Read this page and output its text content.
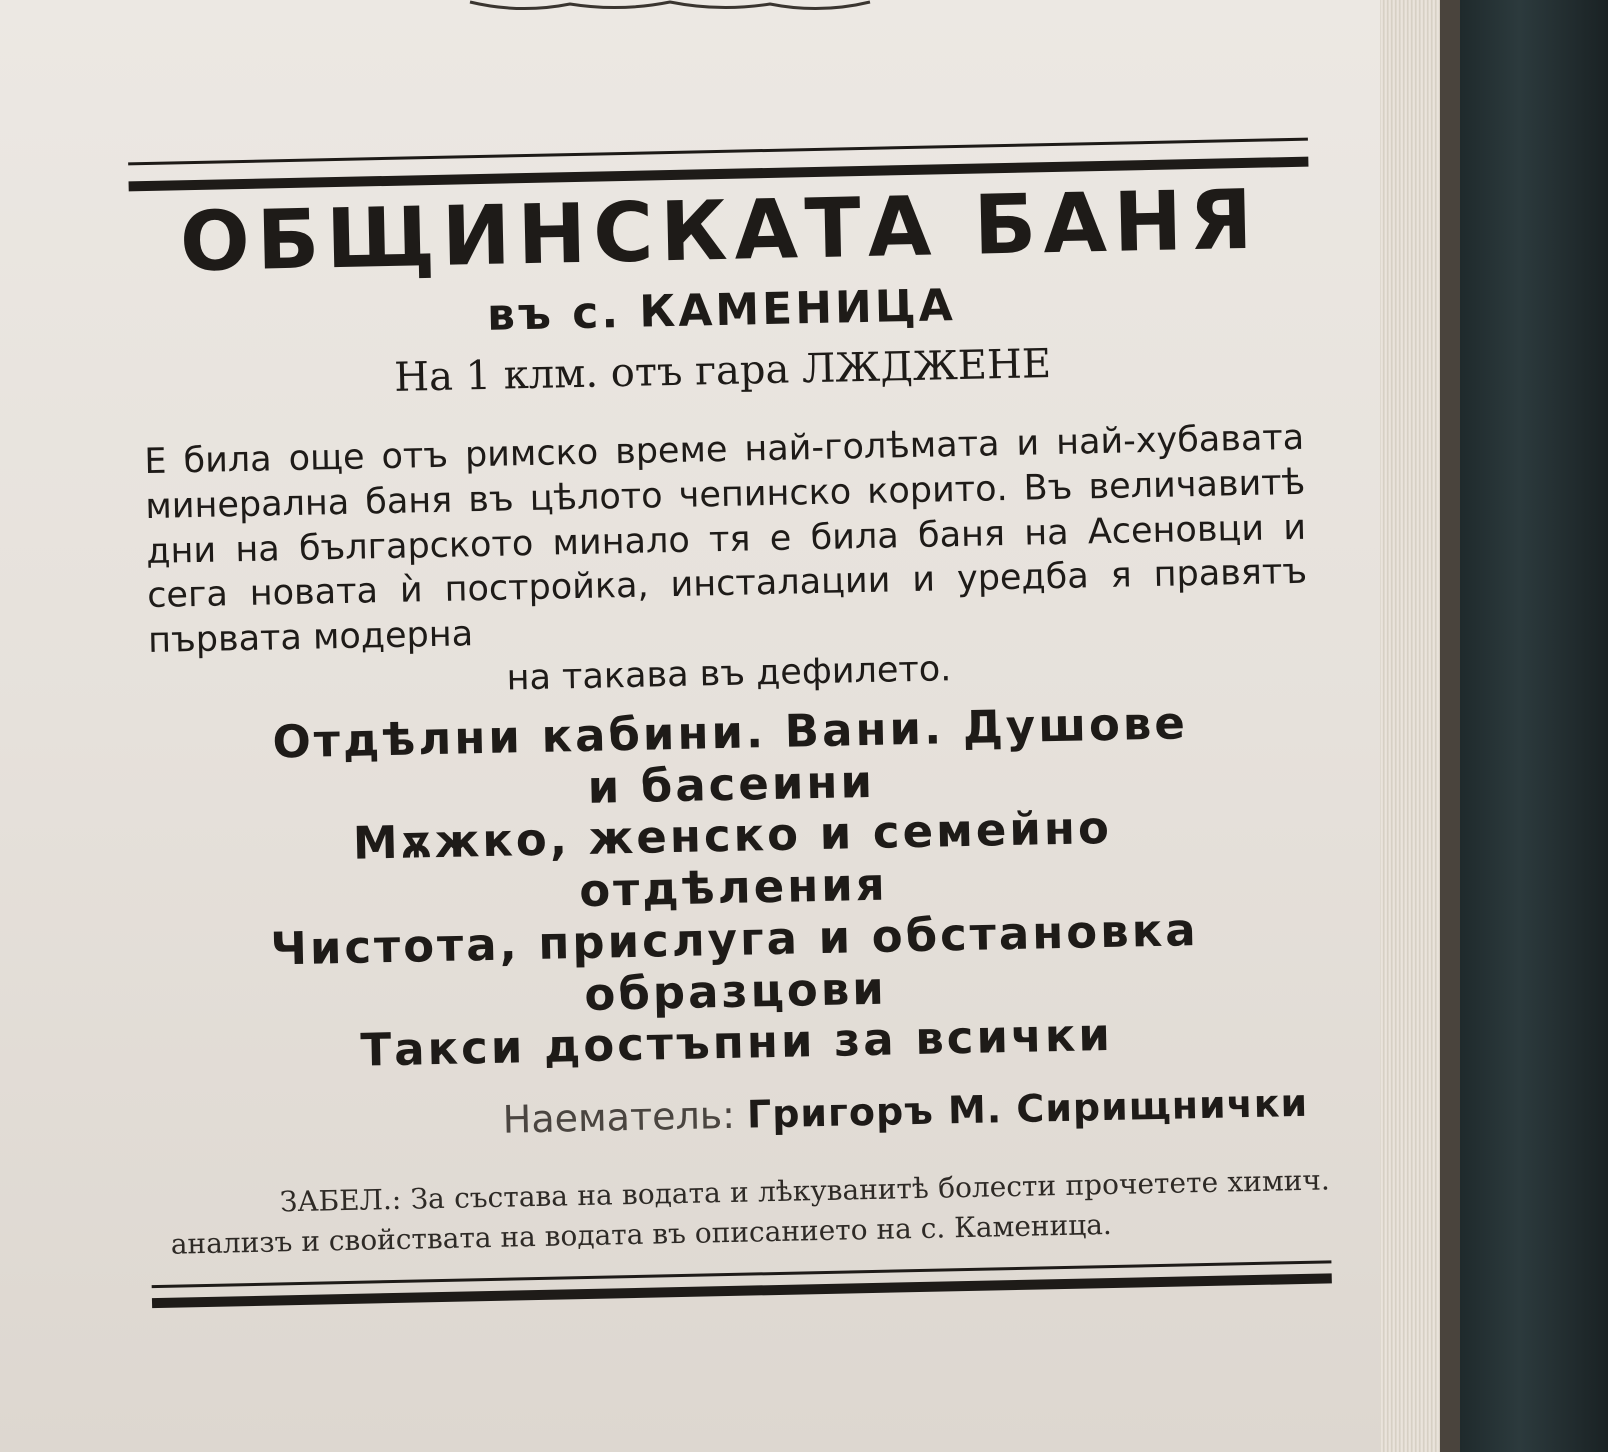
ОБЩИНСКАТА БАНЯ
въ с. КАМЕНИЦА
На 1 клм. отъ гара ЛЖДЖЕНЕ
Е била още отъ римско време най-голѣмата и най-хубавата минерална баня въ цѣлото чепинско корито. Въ величавитѣ дни на българското минало тя е била баня на Асеновци и сега новата ѝ постройка, инсталации и уредба я правятъ първата модерна
на такава въ дефилето.
Отдѣлни кабини. Вани. Душове
и басеини
Мѫжко, женско и семейно
отдѣления
Чистота, прислуга и обстановка
образцови
Такси достъпни за всички
Наематель: Григоръ М. Сирищнички
ЗАБЕЛ.: За състава на водата и лѣкуванитѣ болести прочетете химич. анализъ и свойствата на водата въ описанието на с. Каменица.
